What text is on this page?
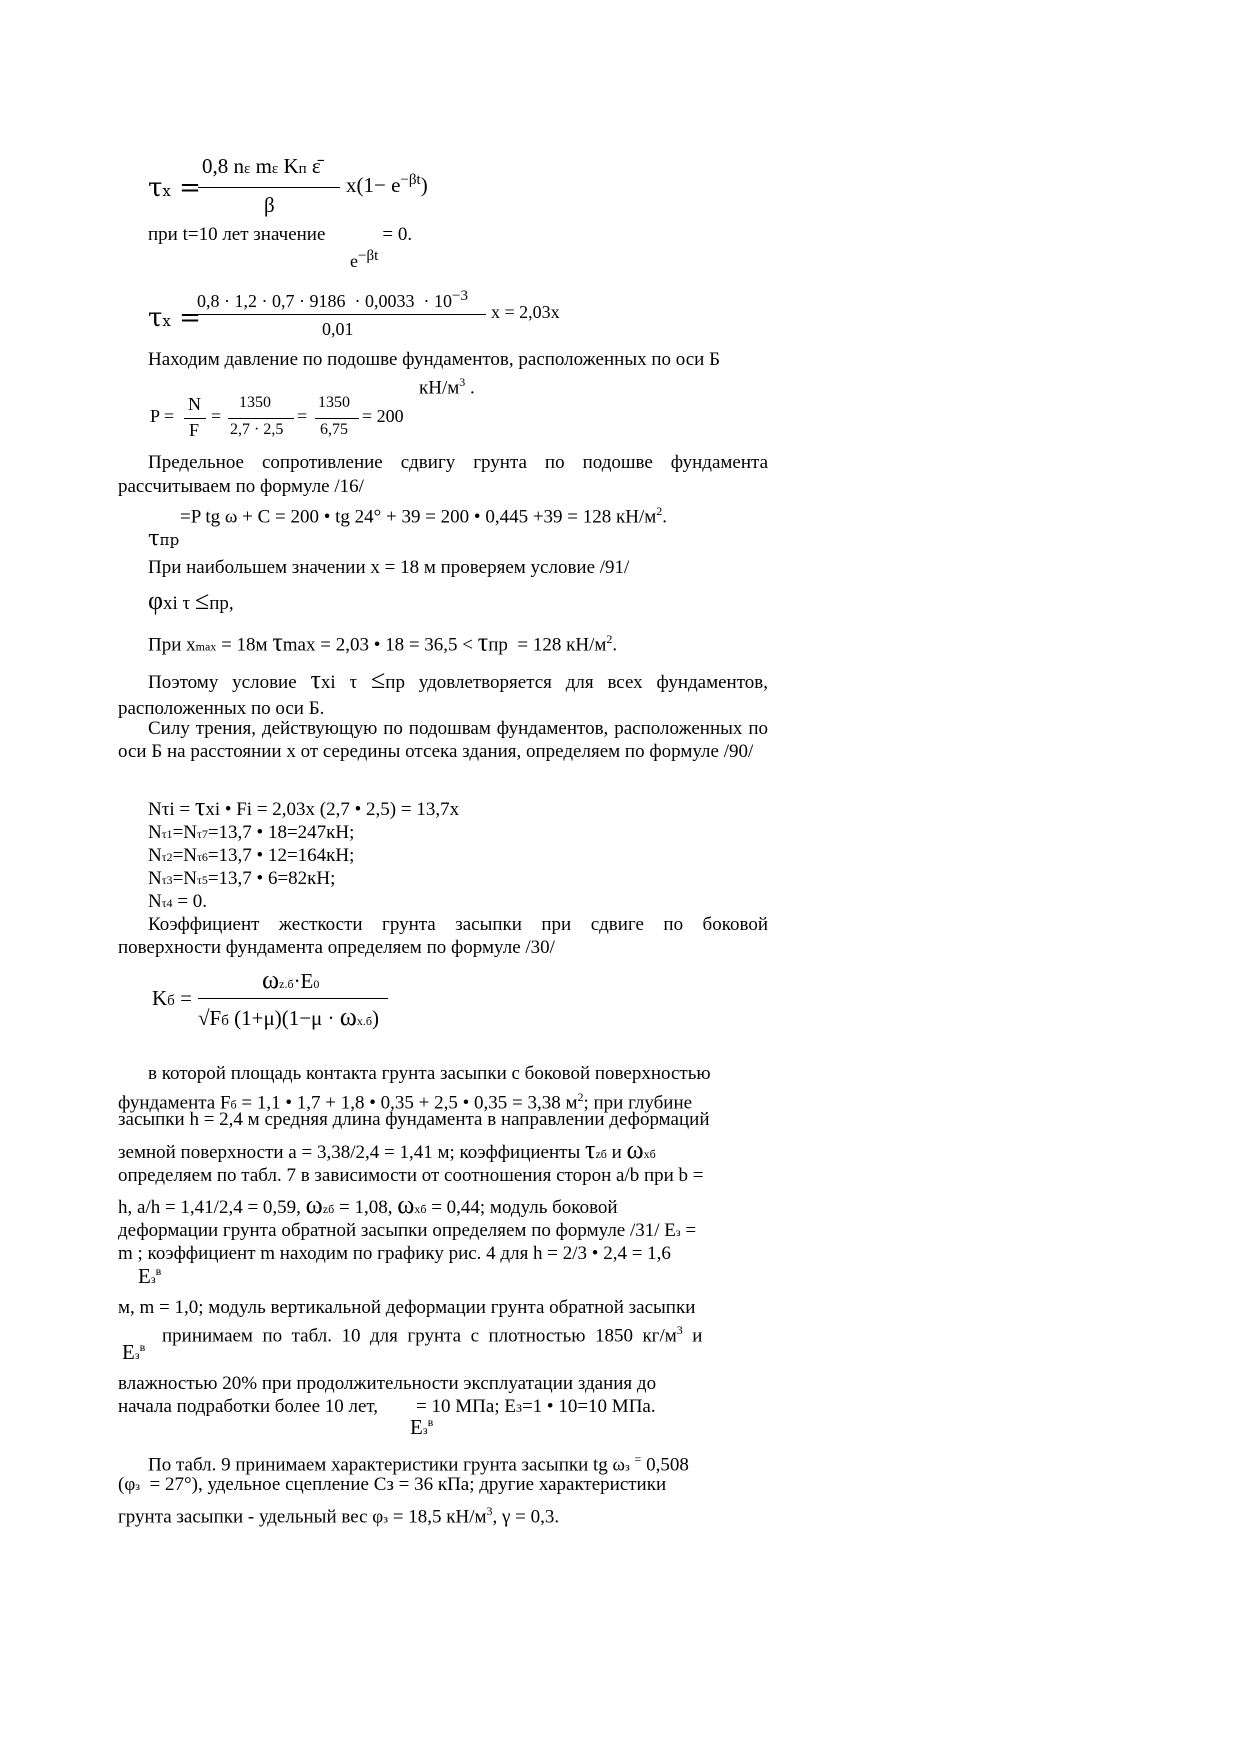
τx =
0,8 nε mε Kп ε̄
$x(1- e^{-\beta t})$
β
при t=10 лет значение            = 0.
$e^{-\beta t}$
τx =
$0,8 \cdot 1,2 \cdot 0,7 \cdot 9186 \cdot 0,0033 \cdot 10^{-3}$
x = 2,03x
0,01
Находим давление по подошве фундаментов, расположенных по оси Б
$кН/м^3$ .
P =
N
F
=
1350
2,7 · 2,5
=
1350
6,75
= 200
Предельное сопротивление сдвигу грунта по подошве фундамента рассчитываем по формуле /16/
=P tg ω + C = 200 • tg 24° + 39 = 200 • 0,445 +39 = 128 $кН/м^2$.
τпр
При наибольшем значении x = 18 м проверяем условие /91/
φxi τ ≤пр,
При xmax = 18м τmax = 2,03 • 18 = 36,5 < τпр  = 128 $кН/м^2$.
Поэтому условие τxi τ ≤пр удовлетворяется для всех фундаментов, расположенных по оси Б.
Силу трения, действующую по подошвам фундаментов, расположенных по оси Б на расстоянии x от середины отсека здания, определяем по формуле /90/
Nτi = τxi • Fi = 2,03x (2,7 • 2,5) = 13,7x
Nτ1=Nτ7=13,7 • 18=247кН;
Nτ2=Nτ6=13,7 • 12=164кН;
Nτ3=Nτ5=13,7 • 6=82кН;
Nτ4 = 0.
Коэффициент жесткости грунта засыпки при сдвиге по боковой поверхности фундамента определяем по формуле /30/
Kб =
ωz.б·E0
√Fб (1+μ)(1−μ · ωx.б)
в которой площадь контакта грунта засыпки с боковой поверхностью
фундамента Fб = 1,1 • 1,7 + 1,8 • 0,35 + 2,5 • 0,35 = 3,38 $м^2$; при глубине
засыпки h = 2,4 м средняя длина фундамента в направлении деформаций
земной поверхности a = 3,38/2,4 = 1,41 м; коэффициенты τzб и ωxб
определяем по табл. 7 в зависимости от соотношения сторон a/b при b =
h, a/h = 1,41/2,4 = 0,59, ωzб = 1,08, ωxб = 0,44; модуль боковой
деформации грунта обратной засыпки определяем по формуле /31/ Eз =
m ; коэффициент m находим по графику рис. 4 для h = 2/3 • 2,4 = 1,6
$Eз^в$
м, m = 1,0; модуль вертикальной деформации грунта обратной засыпки
принимаем  по  табл.  10  для  грунта  с  плотностью  1850  $кг/м^3$  и
$Eз^в$
влажностью 20% при продолжительности эксплуатации здания до
начала подработки более 10 лет,        = 10 МПа; EЗ=1 • 10=10 МПа.
$Eз^в$
По табл. 9 принимаем характеристики грунта засыпки tg ωз = 0,508
(φз  = 27°), удельное сцепление Cз = 36 кПа; другие характеристики
грунта засыпки - удельный вес φз = 18,5 $кН/м^3$, γ = 0,3.
